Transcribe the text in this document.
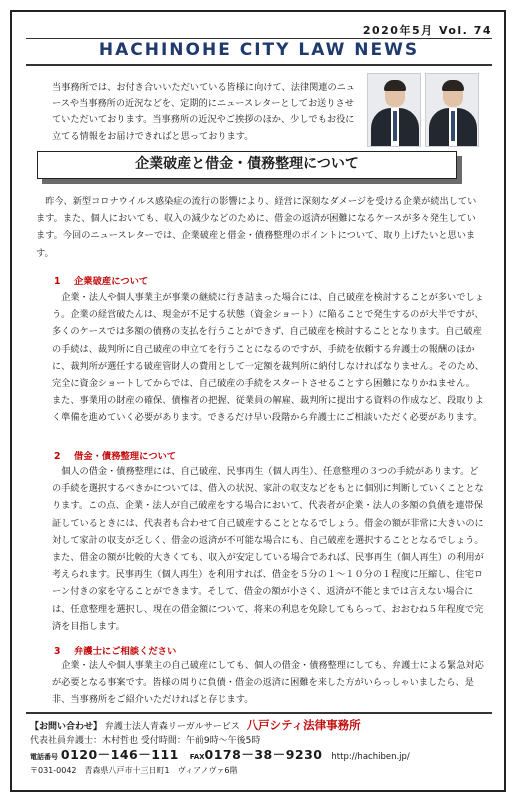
2020年5月 Vol. 74
HACHINOHE CITY LAW NEWS
当事務所では、お付き合いいただいている皆様に向けて、法律関連のニュースや当事務所の近況などを、定期的にニュースレターとしてお送りさせていただいております。当事務所の近況やご挨拶のほか、少しでもお役に立てる情報をお届けできればと思っております。
企業破産と借金・債務整理について
　昨今、新型コロナウイルス感染症の流行の影響により、経営に深刻なダメージを受ける企業が続出しています。また、個人においても、収入の減少などのために、借金の返済が困難になるケースが多々発生しています。今回のニュースレターでは、企業破産と借金・債務整理のポイントについて、取り上げたいと思います。
1 企業破産について

　企業・法人や個人事業主が事業の継続に行き詰まった場合には、自己破産を検討することが多いでしょう。企業の経営破たんは、現金が不足する状態（資金ショート）に陥ることで発生するのが大半ですが、多くのケースでは多額の債務の支払を行うことができず、自己破産を検討することとなります。自己破産の手続は、裁判所に自己破産の申立てを行うことになるのですが、手続を依頼する弁護士の報酬のほかに、裁判所が選任する破産管財人の費用として一定額を裁判所に納付しなければなりません。そのため、完全に資金ショートしてからでは、自己破産の手続をスタートさせることすら困難になりかねません。また、事業用の財産の確保、債権者の把握、従業員の解雇、裁判所に提出する資料の作成など、段取りよく準備を進めていく必要があります。できるだけ早い段階から弁護士にご相談いただく必要があります。

2 借金・債務整理について

　個人の借金・債務整理には、自己破産、民事再生（個人再生）、任意整理の３つの手続があります。どの手続を選択するべきかについては、借入の状況、家計の収支などをもとに個別に判断していくこととなります。この点、企業・法人が自己破産をする場合において、代表者が企業・法人の多額の負債を連帯保証しているときには、代表者も合わせて自己破産することとなるでしょう。借金の額が非常に大きいのに対して家計の収支が乏しく、借金の返済が不可能な場合にも、自己破産を選択することとなるでしょう。また、借金の額が比較的大きくても、収入が安定している場合であれば、民事再生（個人再生）の利用が考えられます。民事再生（個人再生）を利用すれば、借金を５分の１～１０分の１程度に圧縮し、住宅ローン付きの家を守ることができます。そして、借金の額が小さく、返済が不能とまでは言えない場合には、任意整理を選択し、現在の借金額について、将来の利息を免除してもらって、おおむね５年程度で完済を目指します。

3 弁護士にご相談ください

　企業・法人や個人事業主の自己破産にしても、個人の借金・債務整理にしても、弁護士による緊急対応が必要となる事案です。皆様の周りに負債・借金の返済に困難を来した方がいらっしゃいましたら、是非、当事務所をご紹介いただければと存じます。

【お問い合わせ】 弁護士法人青森リーガルサービス 八戸シティ法律事務所
代表社員弁護士：木村哲也 受付時間：午前9時～午後5時
電話番号 0120－146－111 FAX0178－38－9230 http://hachiben.jp/
〒031-0042　青森県八戸市十三日町1　ヴィアノヴァ6階
